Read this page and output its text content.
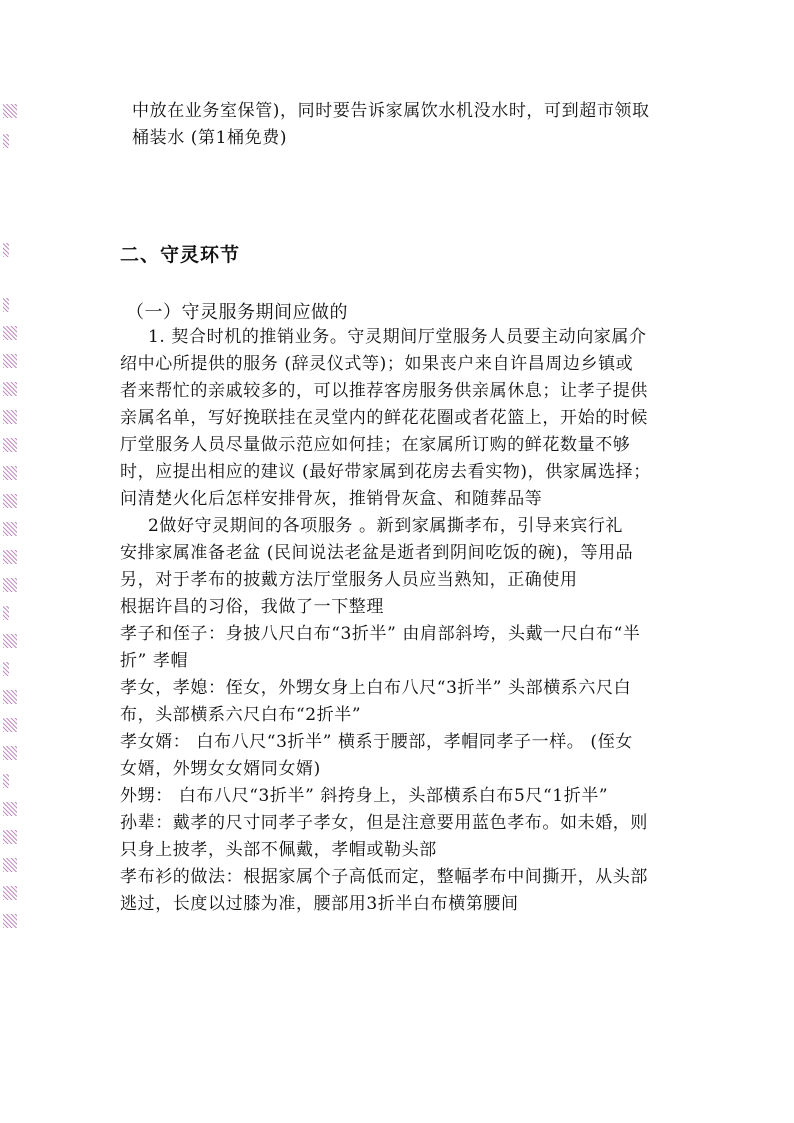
中放在业务室保管)，同时要告诉家属饮水机没水时，可到超市领取
桶装水 (第1桶免费)
二、守灵环节
（一）守灵服务期间应做的
1. 契合时机的推销业务。守灵期间厅堂服务人员要主动向家属介
绍中心所提供的服务 (辞灵仪式等)；如果丧户来自许昌周边乡镇或
者来帮忙的亲戚较多的，可以推荐客房服务供亲属休息；让孝子提供
亲属名单，写好挽联挂在灵堂内的鲜花花圈或者花篮上，开始的时候
厅堂服务人员尽量做示范应如何挂；在家属所订购的鲜花数量不够
时，应提出相应的建议 (最好带家属到花房去看实物)，供家属选择；
问清楚火化后怎样安排骨灰，推销骨灰盒、和随葬品等
2做好守灵期间的各项服务 。新到家属撕孝布，引导来宾行礼
安排家属准备老盆 (民间说法老盆是逝者到阴间吃饭的碗)，等用品
另，对于孝布的披戴方法厅堂服务人员应当熟知，正确使用
根据许昌的习俗，我做了一下整理
孝子和侄子：身披八尺白布“3折半” 由肩部斜垮，头戴一尺白布“半
折” 孝帽
孝女，孝媳：侄女，外甥女身上白布八尺“3折半” 头部横系六尺白
布，头部横系六尺白布“2折半”
孝女婿： 白布八尺“3折半” 横系于腰部，孝帽同孝子一样。 (侄女
女婿，外甥女女婿同女婿)
外甥： 白布八尺“3折半” 斜挎身上，头部横系白布5尺“1折半”
孙辈：戴孝的尺寸同孝子孝女，但是注意要用蓝色孝布。如未婚，则
只身上披孝，头部不佩戴，孝帽或勒头部
孝布衫的做法：根据家属个子高低而定，整幅孝布中间撕开，从头部
逃过，长度以过膝为准，腰部用3折半白布横第腰间
